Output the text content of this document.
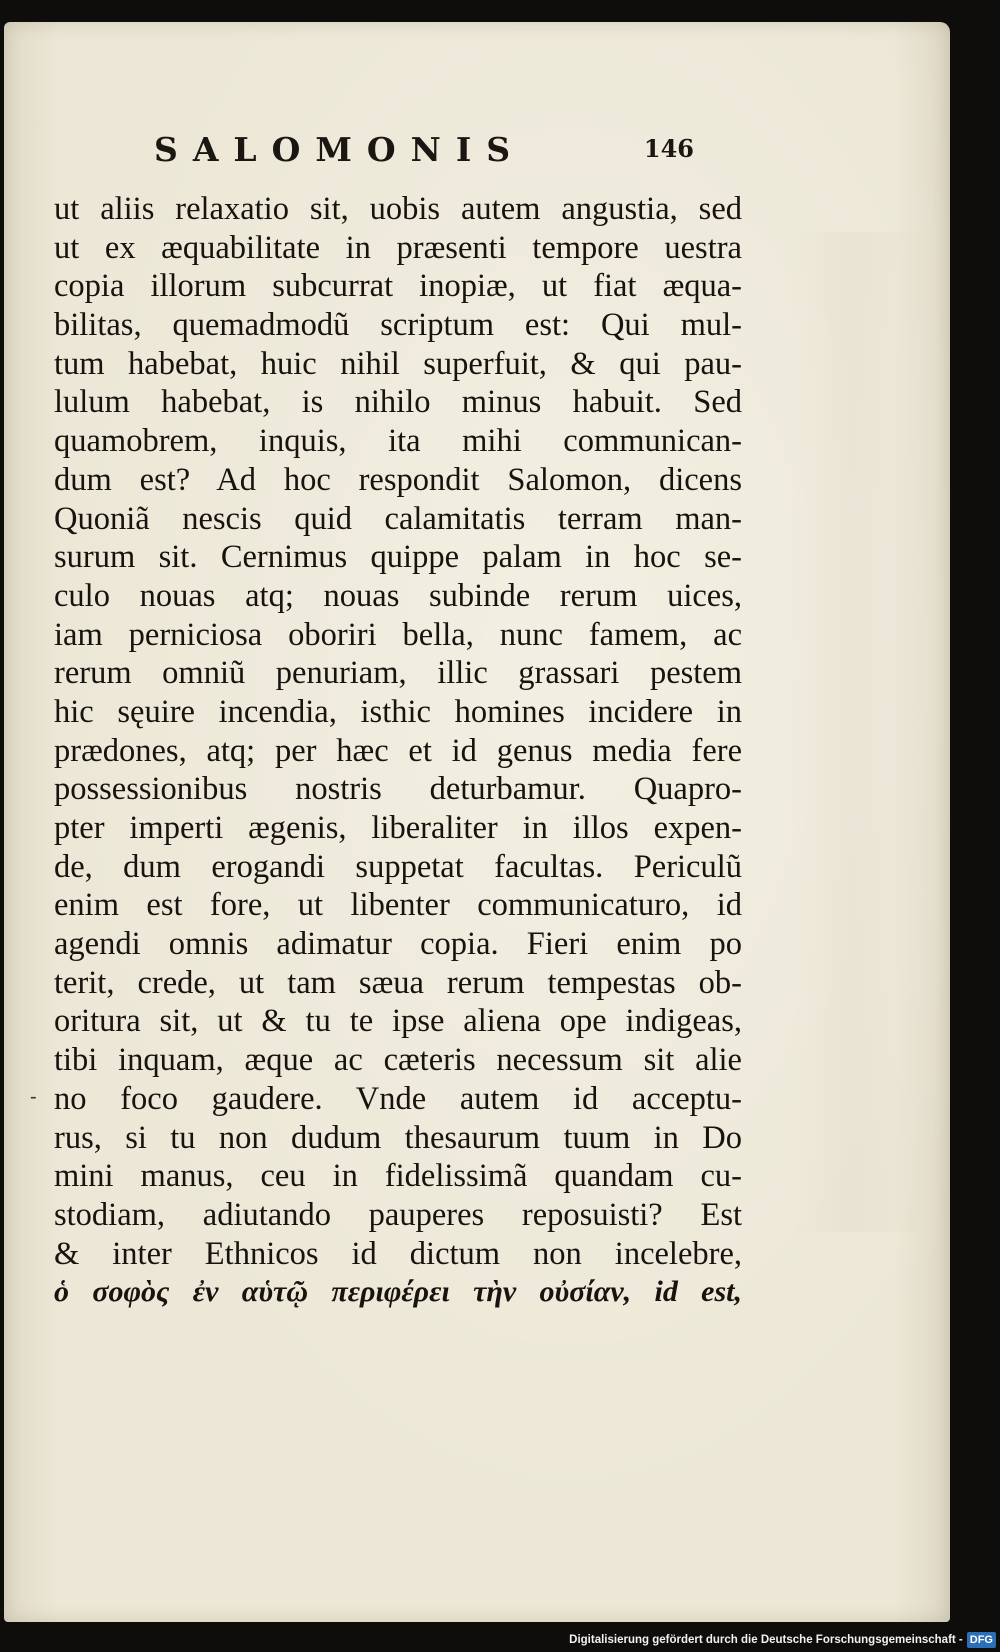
SALOMONIS	146
-
ut aliis relaxatio sit, uobis autem angustia, sed
ut ex æquabilitate in præsenti tempore uestra
copia illorum subcurrat inopiæ, ut fiat æqua-
bilitas, quemadmodũ scriptum est: Qui mul-
tum habebat, huic nihil superfuit, & qui pau-
lulum habebat, is nihilo minus habuit. Sed
quamobrem, inquis, ita mihi communican-
dum est? Ad hoc respondit Salomon, dicens
Quoniã nescis quid calamitatis terram man-
surum sit. Cernimus quippe palam in hoc se-
culo nouas atq; nouas subinde rerum uices,
iam perniciosa oboriri bella, nunc famem, ac
rerum omniũ penuriam, illic grassari pestem
hic sęuire incendia, isthic homines incidere in
prædones, atq; per hæc et id genus media fere
possessionibus nostris deturbamur. Quapro-
pter imperti ægenis, liberaliter in illos expen-
de, dum erogandi suppetat facultas. Periculũ
enim est fore, ut libenter communicaturo, id
agendi omnis adimatur copia. Fieri enim po
terit, crede, ut tam sæua rerum tempestas ob-
oritura sit, ut & tu te ipse aliena ope indigeas,
tibi inquam, æque ac cæteris necessum sit alie
no foco gaudere. Vnde autem id acceptu-
rus, si tu non dudum thesaurum tuum in Do
mini manus, ceu in fidelissimã quandam cu-
stodiam, adiutando pauperes reposuisti? Est
& inter Ethnicos id dictum non incelebre,
ὁ σοφὸς ἐν αὑτῷ περιφέρει τὴν οὐσίαν, id est,
Digitalisierung gefördert durch die Deutsche Forschungsgemeinschaft - DFG
